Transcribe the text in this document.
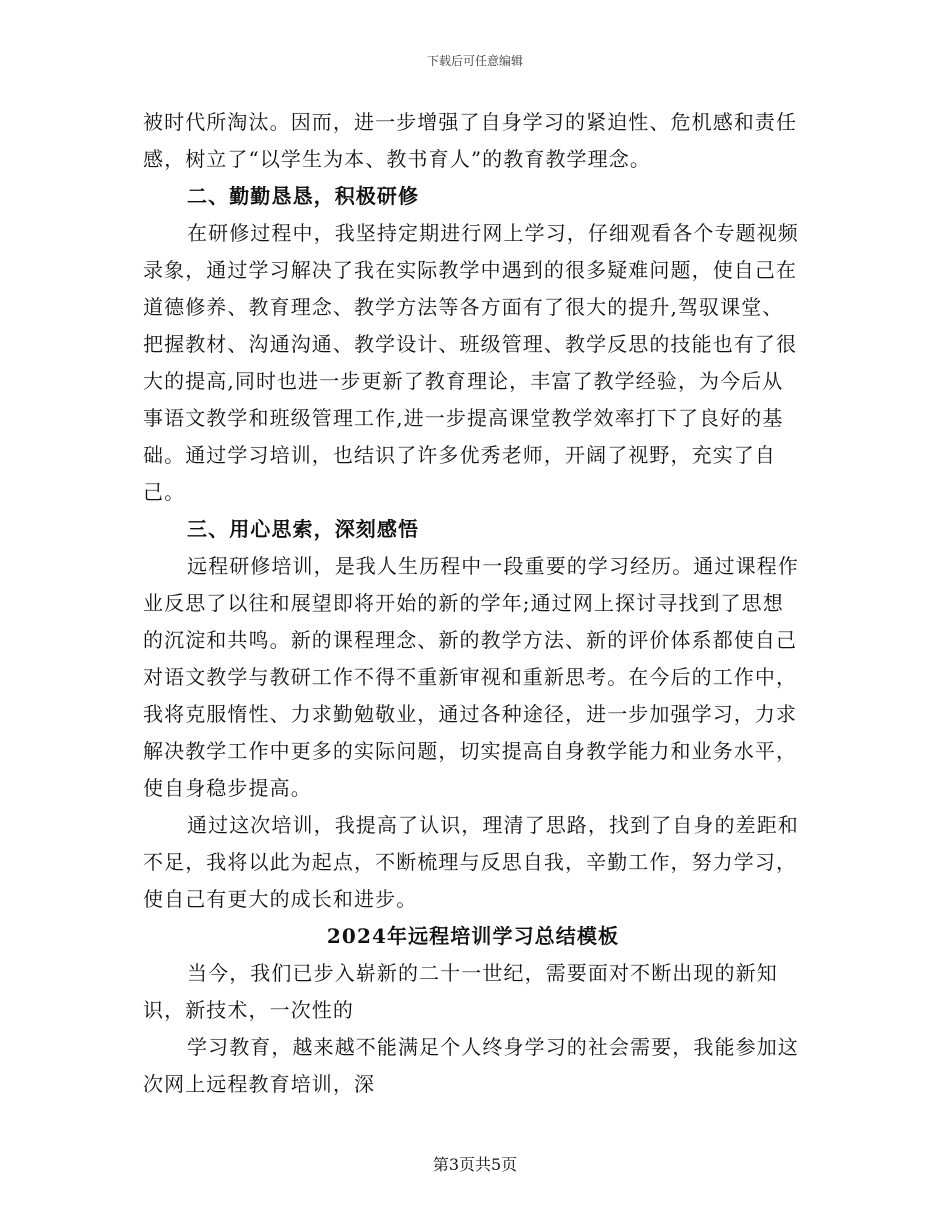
下载后可任意编辑

被时代所淘汰。因而，进一步增强了自身学习的紧迫性、危机感和责任感，树立了“以学生为本、教书育人”的教育教学理念。

二、勤勤恳恳，积极研修

在研修过程中，我坚持定期进行网上学习，仔细观看各个专题视频录象，通过学习解决了我在实际教学中遇到的很多疑难问题，使自己在道德修养、教育理念、教学方法等各方面有了很大的提升,驾驭课堂、把握教材、沟通沟通、教学设计、班级管理、教学反思的技能也有了很大的提高,同时也进一步更新了教育理论，丰富了教学经验，为今后从事语文教学和班级管理工作,进一步提高课堂教学效率打下了良好的基础。通过学习培训，也结识了许多优秀老师，开阔了视野，充实了自己。

三、用心思索，深刻感悟

远程研修培训，是我人生历程中一段重要的学习经历。通过课程作业反思了以往和展望即将开始的新的学年;通过网上探讨寻找到了思想的沉淀和共鸣。新的课程理念、新的教学方法、新的评价体系都使自己对语文教学与教研工作不得不重新审视和重新思考。在今后的工作中，我将克服惰性、力求勤勉敬业，通过各种途径，进一步加强学习，力求解决教学工作中更多的实际问题，切实提高自身教学能力和业务水平，使自身稳步提高。

通过这次培训，我提高了认识，理清了思路，找到了自身的差距和不足，我将以此为起点，不断梳理与反思自我，辛勤工作，努力学习，使自己有更大的成长和进步。

2024年远程培训学习总结模板

当今，我们已步入崭新的二十一世纪，需要面对不断出现的新知识，新技术，一次性的

学习教育，越来越不能满足个人终身学习的社会需要，我能参加这次网上远程教育培训，深

第3页共5页
